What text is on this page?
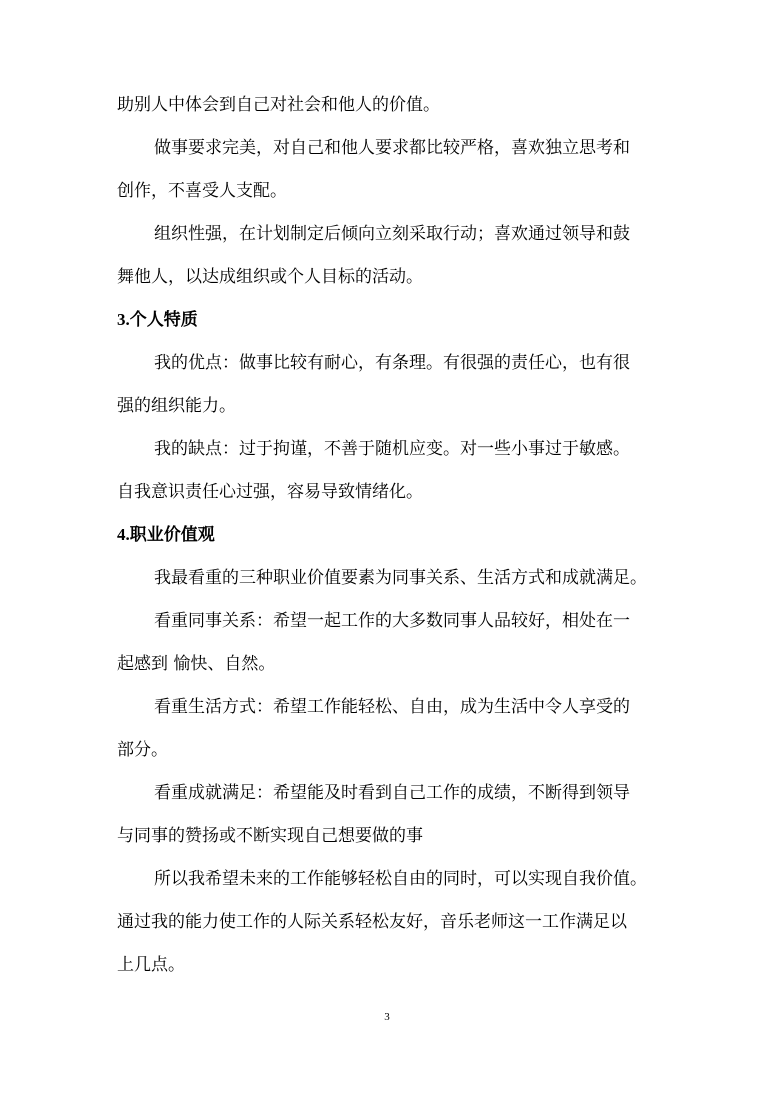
助别人中体会到自己对社会和他人的价值。
做事要求完美，对自己和他人要求都比较严格，喜欢独立思考和
创作，不喜受人支配。
组织性强，在计划制定后倾向立刻采取行动；喜欢通过领导和鼓
舞他人，以达成组织或个人目标的活动。
3.个人特质
我的优点：做事比较有耐心，有条理。有很强的责任心，也有很
强的组织能力。
我的缺点：过于拘谨，不善于随机应变。对一些小事过于敏感。
自我意识责任心过强，容易导致情绪化。
4.职业价值观
我最看重的三种职业价值要素为同事关系、生活方式和成就满足。
看重同事关系：希望一起工作的大多数同事人品较好，相处在一
起感到 愉快、自然。
看重生活方式：希望工作能轻松、自由，成为生活中令人享受的
部分。
看重成就满足：希望能及时看到自己工作的成绩，不断得到领导
与同事的赞扬或不断实现自己想要做的事
所以我希望未来的工作能够轻松自由的同时，可以实现自我价值。
通过我的能力使工作的人际关系轻松友好，音乐老师这一工作满足以
上几点。
3
